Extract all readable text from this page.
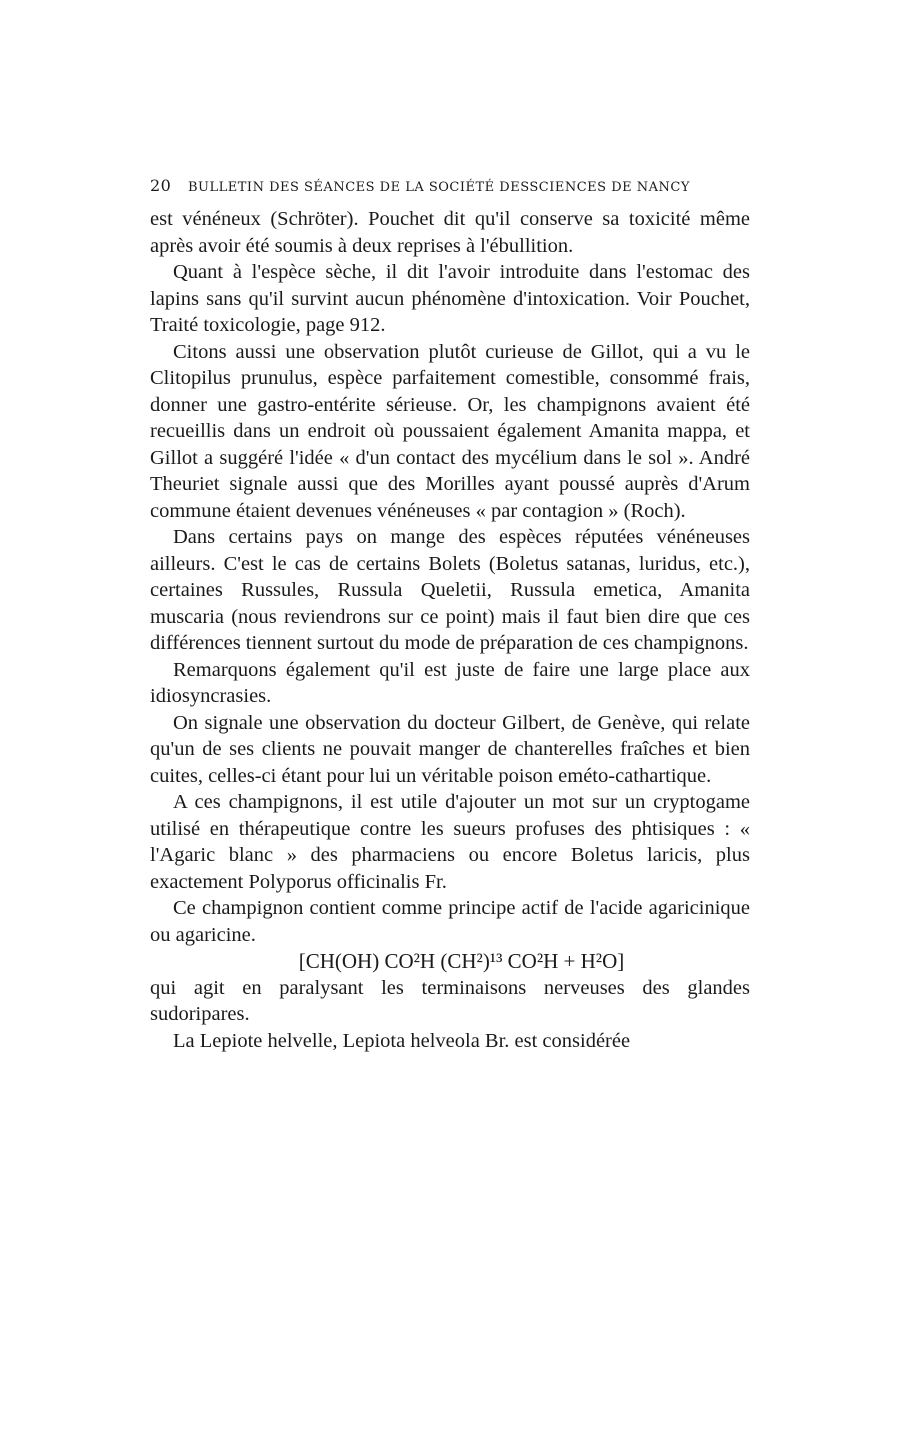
20 BULLETIN DES SÉANCES DE LA SOCIÉTÉ DESSCIENCES DE NANCY

est vénéneux (Schröter). Pouchet dit qu'il conserve sa toxicité même après avoir été soumis à deux reprises à l'ébullition.

Quant à l'espèce sèche, il dit l'avoir introduite dans l'estomac des lapins sans qu'il survint aucun phénomène d'intoxication. Voir Pouchet, Traité toxicologie, page 912.

Citons aussi une observation plutôt curieuse de Gillot, qui a vu le Clitopilus prunulus, espèce parfaitement comestible, consommé frais, donner une gastro-entérite sérieuse. Or, les champignons avaient été recueillis dans un endroit où poussaient également Amanita mappa, et Gillot a suggéré l'idée « d'un contact des mycélium dans le sol ». André Theuriet signale aussi que des Morilles ayant poussé auprès d'Arum commune étaient devenues vénéneuses « par contagion » (Roch).

Dans certains pays on mange des espèces réputées vénéneuses ailleurs. C'est le cas de certains Bolets (Boletus satanas, luridus, etc.), certaines Russules, Russula Queletii, Russula emetica, Amanita muscaria (nous reviendrons sur ce point) mais il faut bien dire que ces différences tiennent surtout du mode de préparation de ces champignons.

Remarquons également qu'il est juste de faire une large place aux idiosyncrasies.

On signale une observation du docteur Gilbert, de Genève, qui relate qu'un de ses clients ne pouvait manger de chanterelles fraîches et bien cuites, celles-ci étant pour lui un véritable poison eméto-cathartique.

A ces champignons, il est utile d'ajouter un mot sur un cryptogame utilisé en thérapeutique contre les sueurs profuses des phtisiques : « l'Agaric blanc » des pharmaciens ou encore Boletus laricis, plus exactement Polyporus officinalis Fr.

Ce champignon contient comme principe actif de l'acide agaricinique ou agaricine.

[CH(OH) CO²H (CH²)¹³ CO²H + H²O]

qui agit en paralysant les terminaisons nerveuses des glandes sudoripares.

La Lepiote helvelle, Lepiota helveola Br. est considérée
